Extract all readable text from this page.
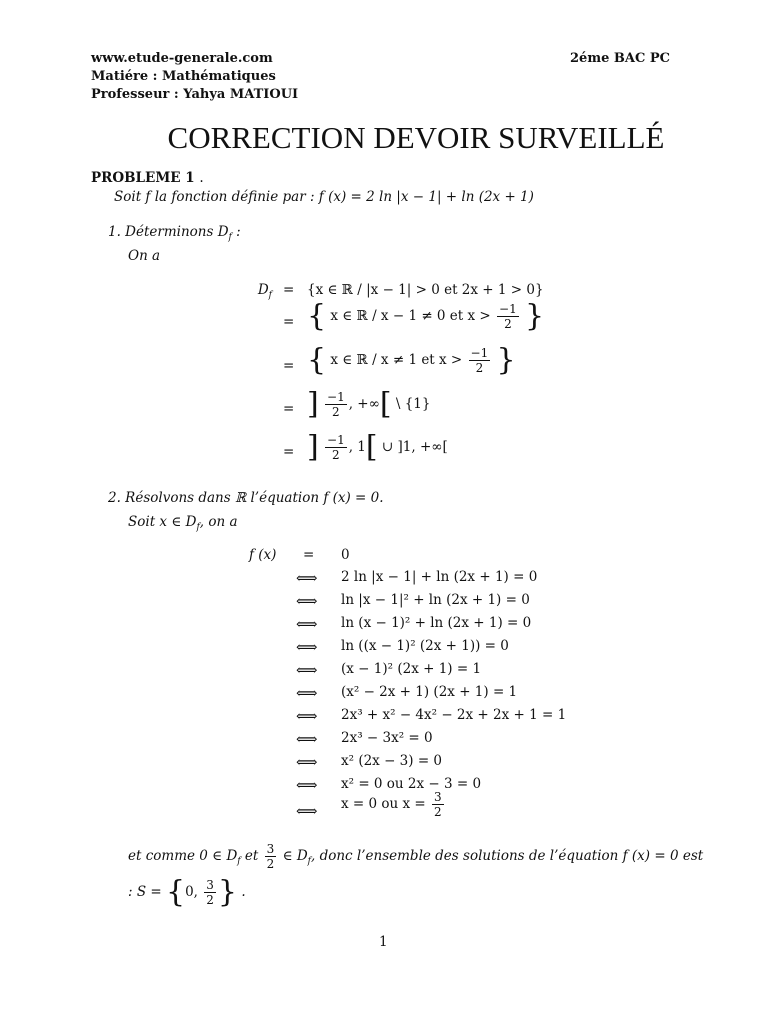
www.etude-generale.com	2éme BAC PC
Matiére : Mathématiques
Professeur : Yahya MATIOUI
CORRECTION DEVOIR SURVEILLÉ
PROBLEME 1 .
Soit f la fonction définie par : f (x) = 2 ln |x − 1| + ln (2x + 1)
1. Déterminons $D_f$ :
On a
$D_f = \{x$ ∈ ℝ / |x − 1| > 0 et 2x + 1 > 0}
= { x ∈ ℝ / x − 1 ≠ 0 et $x > \frac{-1}{2}$ }
= { x ∈ ℝ / x ≠ 1 et $x > \frac{-1}{2}$ }
= ] $\frac{-1}{2}$ , +∞[ \ {1}
= ] $\frac{-1}{2}$ , 1[ ∪ ]1, +∞[
2. Résolvons dans ℝ l’équation f (x) = 0.
Soit x ∈ $D_f$, on a
f (x) = 0
⟺ 2 ln |x − 1| + ln (2x + 1) = 0
⟺ ln |x − 1|² + ln (2x + 1) = 0
⟺ ln (x − 1)² + ln (2x + 1) = 0
⟺ ln ((x − 1)² (2x + 1)) = 0
⟺ (x − 1)² (2x + 1) = 1
⟺ (x² − 2x + 1) (2x + 1) = 1
⟺ 2x³ + x² − 4x² − 2x + 2x + 1 = 1
⟺ 2x³ − 3x² = 0
⟺ x² (2x − 3) = 0
⟺ x² = 0 ou 2x − 3 = 0
⟺ x = 0 ou $x = \frac{3}{2}$
et comme 0 ∈ $D_f$ et $\frac{3}{2}$ ∈ $D_f$, donc l’ensemble des solutions de l’équation f (x) = 0 est
: S = {0, $\frac{3}{2}$ } .
1
